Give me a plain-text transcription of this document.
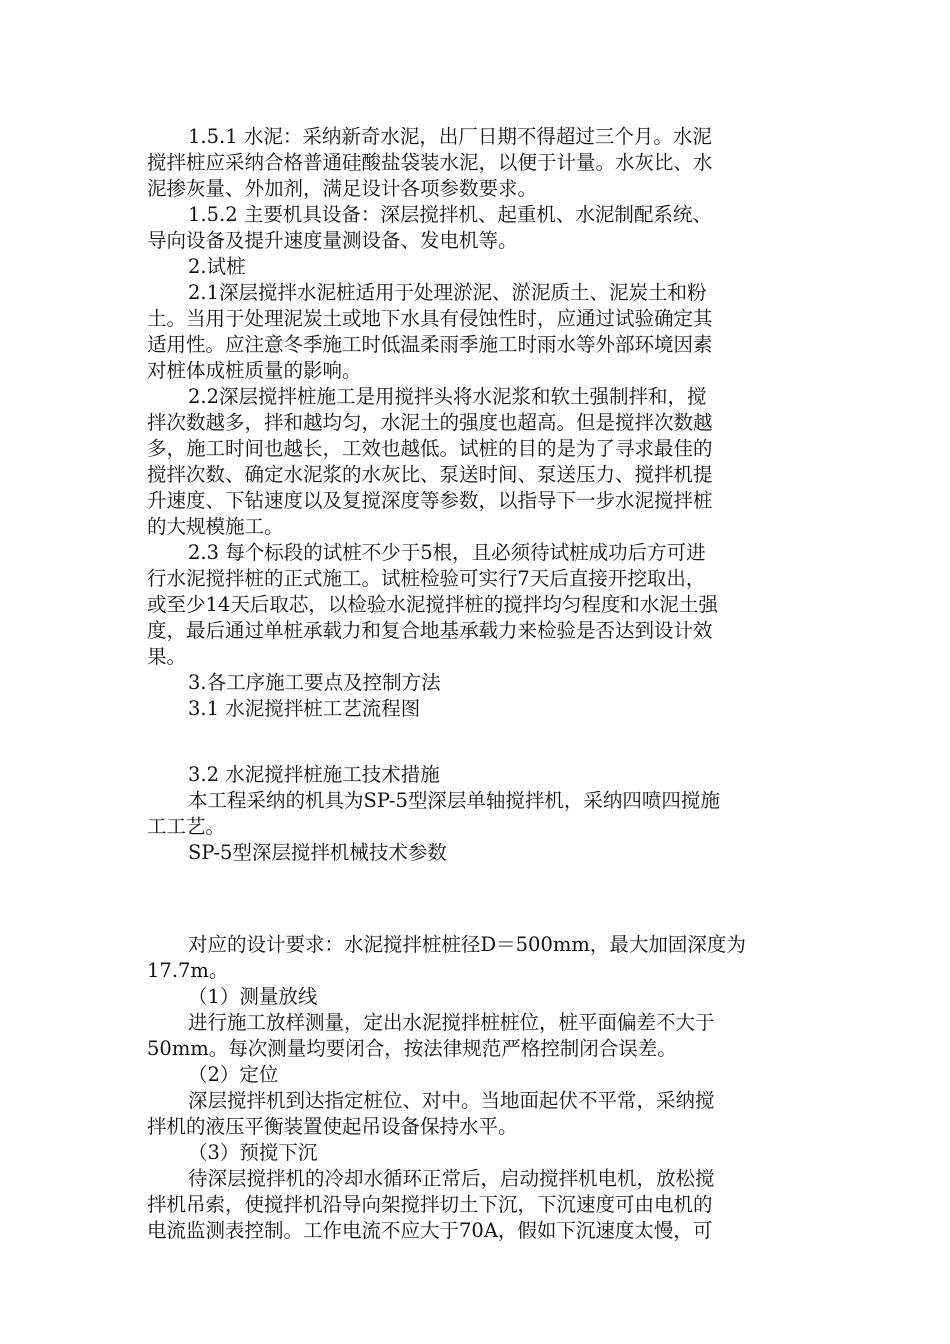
1.5.1 水泥：采纳新奇水泥，出厂日期不得超过三个月。水泥
搅拌桩应采纳合格普通硅酸盐袋装水泥，以便于计量。水灰比、水
泥掺灰量、外加剂，满足设计各项参数要求。
1.5.2 主要机具设备：深层搅拌机、起重机、水泥制配系统、
导向设备及提升速度量测设备、发电机等。
2.试桩
2.1深层搅拌水泥桩适用于处理淤泥、淤泥质土、泥炭土和粉
土。当用于处理泥炭土或地下水具有侵蚀性时，应通过试验确定其
适用性。应注意冬季施工时低温柔雨季施工时雨水等外部环境因素
对桩体成桩质量的影响。
2.2深层搅拌桩施工是用搅拌头将水泥浆和软土强制拌和，搅
拌次数越多，拌和越均匀，水泥土的强度也超高。但是搅拌次数越
多，施工时间也越长，工效也越低。试桩的目的是为了寻求最佳的
搅拌次数、确定水泥浆的水灰比、泵送时间、泵送压力、搅拌机提
升速度、下钻速度以及复搅深度等参数，以指导下一步水泥搅拌桩
的大规模施工。
2.3 每个标段的试桩不少于5根，且必须待试桩成功后方可进
行水泥搅拌桩的正式施工。试桩检验可实行7天后直接开挖取出，
或至少14天后取芯，以检验水泥搅拌桩的搅拌均匀程度和水泥土强
度，最后通过单桩承载力和复合地基承载力来检验是否达到设计效
果。
3.各工序施工要点及控制方法
3.1 水泥搅拌桩工艺流程图
3.2 水泥搅拌桩施工技术措施
本工程采纳的机具为SP-5型深层单轴搅拌机，采纳四喷四搅施
工工艺。
SP-5型深层搅拌机械技术参数
对应的设计要求：水泥搅拌桩桩径D＝500mm，最大加固深度为
17.7m。
（1）测量放线
进行施工放样测量，定出水泥搅拌桩桩位，桩平面偏差不大于
50mm。每次测量均要闭合，按法律规范严格控制闭合误差。
（2）定位
深层搅拌机到达指定桩位、对中。当地面起伏不平常，采纳搅
拌机的液压平衡装置使起吊设备保持水平。
（3）预搅下沉
待深层搅拌机的冷却水循环正常后，启动搅拌机电机，放松搅
拌机吊索，使搅拌机沿导向架搅拌切土下沉，下沉速度可由电机的
电流监测表控制。工作电流不应大于70A，假如下沉速度太慢，可
